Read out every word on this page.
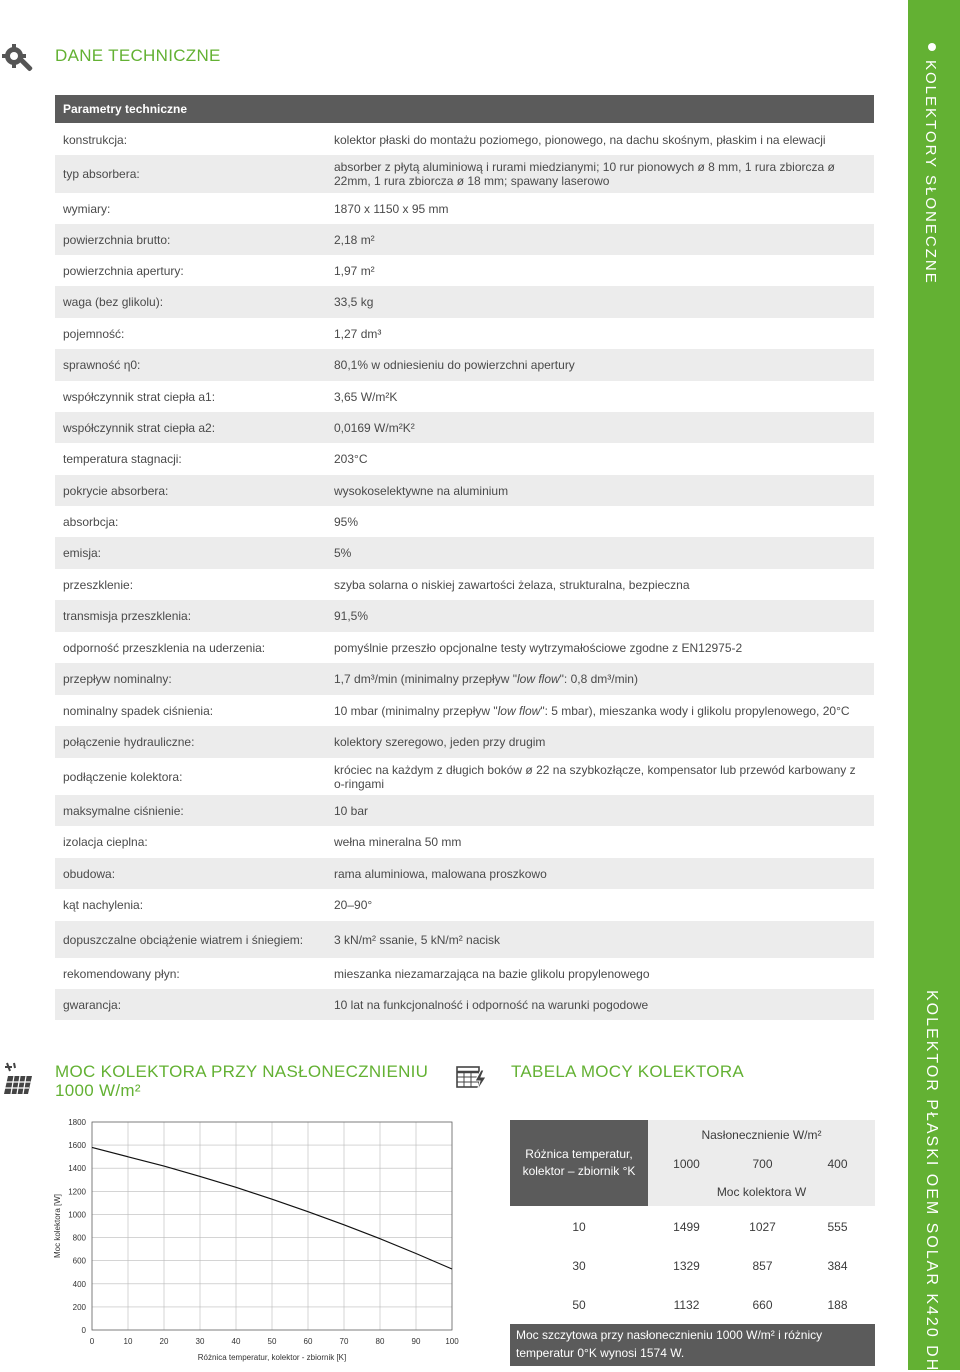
DANE TECHNICZNE
Parametry techniczne
konstrukcja:	kolektor płaski do montażu poziomego, pionowego, na dachu skośnym, płaskim i na elewacji
typ absorbera:	absorber z płytą aluminiową i rurami miedzianymi; 10 rur pionowych ø 8 mm, 1 rura zbiorcza ø 22mm, 1 rura zbiorcza ø 18 mm; spawany laserowo
wymiary:	1870 x 1150 x 95 mm
powierzchnia brutto:	2,18 m²
powierzchnia apertury:	1,97 m²
waga (bez glikolu):	33,5 kg
pojemność:	1,27 dm³
sprawność η0:	80,1% w odniesieniu do powierzchni apertury
współczynnik strat ciepła a1:	3,65 W/m²K
współczynnik strat ciepła a2:	0,0169 W/m²K²
temperatura stagnacji:	203°C
pokrycie absorbera:	wysokoselektywne na aluminium
absorbcja:	95%
emisja:	5%
przeszklenie:	szyba solarna o niskiej zawartości żelaza, strukturalna, bezpieczna
transmisja przeszklenia:	91,5%
odporność przeszklenia na uderzenia:	pomyślnie przeszło opcjonalne testy wytrzymałościowe zgodne z EN12975-2
przepływ nominalny:	1,7 dm³/min (minimalny przepływ " low flow ": 0,8 dm³/min)
nominalny spadek ciśnienia:	10 mbar (minimalny przepływ " low flow ": 5 mbar), mieszanka wody i glikolu propylenowego, 20°C
połączenie hydrauliczne:	kolektory szeregowo, jeden przy drugim
podłączenie kolektora:	króciec na każdym z długich boków ø 22 na szybkozłącze, kompensator lub przewód karbowany z o-ringami
maksymalne ciśnienie:	10 bar
izolacja cieplna:	wełna mineralna 50 mm
obudowa:	rama aluminiowa, malowana proszkowo
kąt nachylenia:	20–90°
dopuszczalne obciążenie wiatrem i śniegiem:	3 kN/m² ssanie, 5 kN/m² nacisk
rekomendowany płyn:	mieszanka niezamarzająca na bazie glikolu propylenowego
gwarancja:	10 lat na funkcjonalność i odporność na warunki pogodowe
KOLEKTORY SŁONECZNE
KOLEKTOR PŁASKI OEM SOLAR K420 DH
MOC KOLEKTORA PRZY NASŁONECZNIENIU
1000 W/m²
0
200
400
600
800
1000
1200
1400
1600
1800
0	10	20	30	40	50	60	70	80	90	100
Różnica temperatur, kolektor - zbiornik [K]
Moc kolektora [W]
TABELA MOCY KOLEKTORA
Różnica temperatur, kolektor – zbiornik °K
Nasłonecznienie W/m²
1000	700	400
Moc kolektora W
10	1499	1027	555
30	1329	857	384
50	1132	660	188
Moc szczytowa przy nasłonecznieniu 1000 W/m² i różnicy temperatur 0°K wynosi 1574 W.
